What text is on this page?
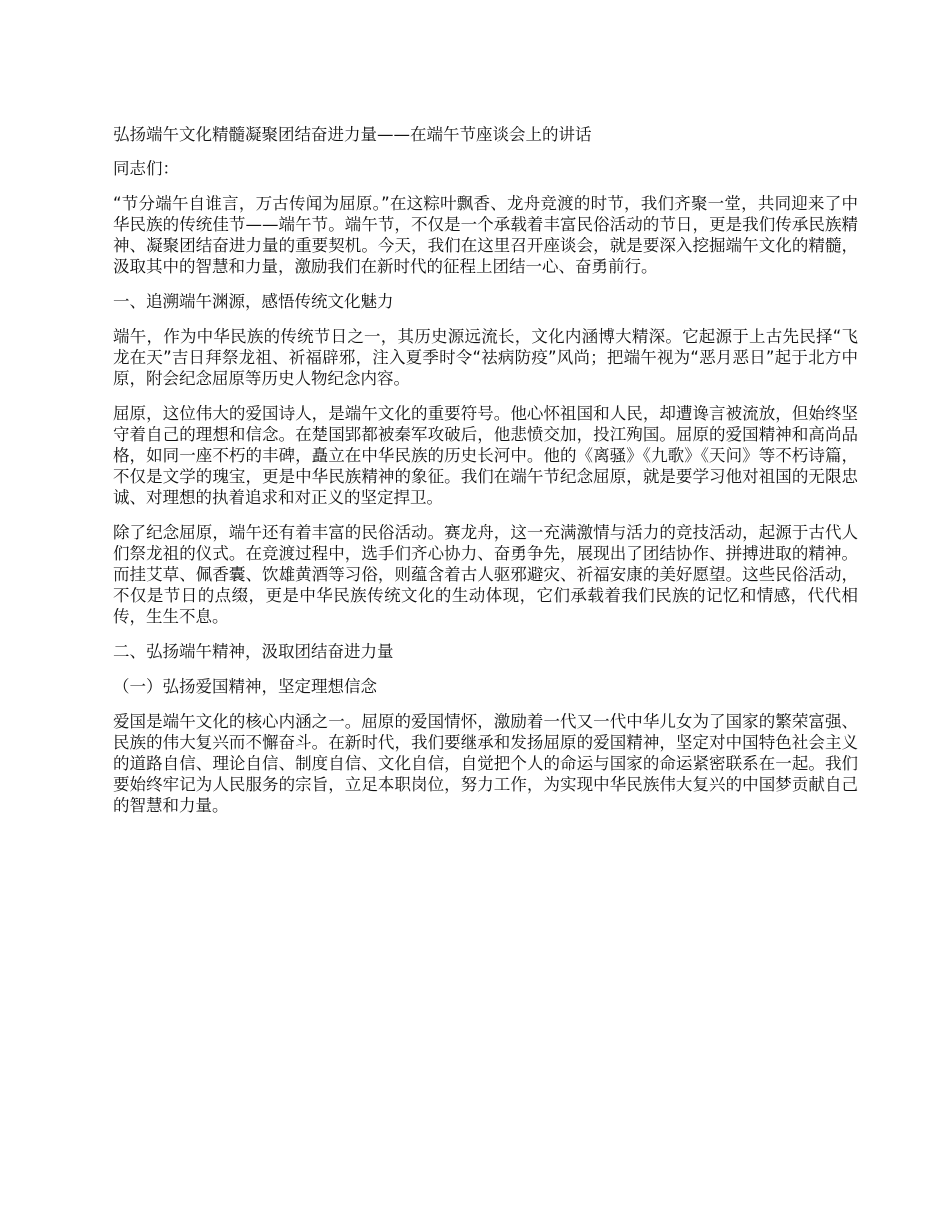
弘扬端午文化精髓凝聚团结奋进力量——在端午节座谈会上的讲话

同志们：

“节分端午自谁言，万古传闻为屈原。”在这粽叶飘香、龙舟竞渡的时节，我们齐聚一堂，共同迎来了中华民族的传统佳节——端午节。端午节，不仅是一个承载着丰富民俗活动的节日，更是我们传承民族精神、凝聚团结奋进力量的重要契机。今天，我们在这里召开座谈会，就是要深入挖掘端午文化的精髓，汲取其中的智慧和力量，激励我们在新时代的征程上团结一心、奋勇前行。

一、追溯端午渊源，感悟传统文化魅力

端午，作为中华民族的传统节日之一，其历史源远流长，文化内涵博大精深。它起源于上古先民择“飞龙在天”吉日拜祭龙祖、祈福辟邪，注入夏季时令“祛病防疫”风尚；把端午视为“恶月恶日”起于北方中原，附会纪念屈原等历史人物纪念内容。

屈原，这位伟大的爱国诗人，是端午文化的重要符号。他心怀祖国和人民，却遭谗言被流放，但始终坚守着自己的理想和信念。在楚国郢都被秦军攻破后，他悲愤交加，投江殉国。屈原的爱国精神和高尚品格，如同一座不朽的丰碑，矗立在中华民族的历史长河中。他的《离骚》《九歌》《天问》等不朽诗篇，不仅是文学的瑰宝，更是中华民族精神的象征。我们在端午节纪念屈原，就是要学习他对祖国的无限忠诚、对理想的执着追求和对正义的坚定捍卫。

除了纪念屈原，端午还有着丰富的民俗活动。赛龙舟，这一充满激情与活力的竞技活动，起源于古代人们祭龙祖的仪式。在竞渡过程中，选手们齐心协力、奋勇争先，展现出了团结协作、拼搏进取的精神。而挂艾草、佩香囊、饮雄黄酒等习俗，则蕴含着古人驱邪避灾、祈福安康的美好愿望。这些民俗活动，不仅是节日的点缀，更是中华民族传统文化的生动体现，它们承载着我们民族的记忆和情感，代代相传，生生不息。

二、弘扬端午精神，汲取团结奋进力量

（一）弘扬爱国精神，坚定理想信念

爱国是端午文化的核心内涵之一。屈原的爱国情怀，激励着一代又一代中华儿女为了国家的繁荣富强、民族的伟大复兴而不懈奋斗。在新时代，我们要继承和发扬屈原的爱国精神，坚定对中国特色社会主义的道路自信、理论自信、制度自信、文化自信，自觉把个人的命运与国家的命运紧密联系在一起。我们要始终牢记为人民服务的宗旨，立足本职岗位，努力工作，为实现中华民族伟大复兴的中国梦贡献自己的智慧和力量。
